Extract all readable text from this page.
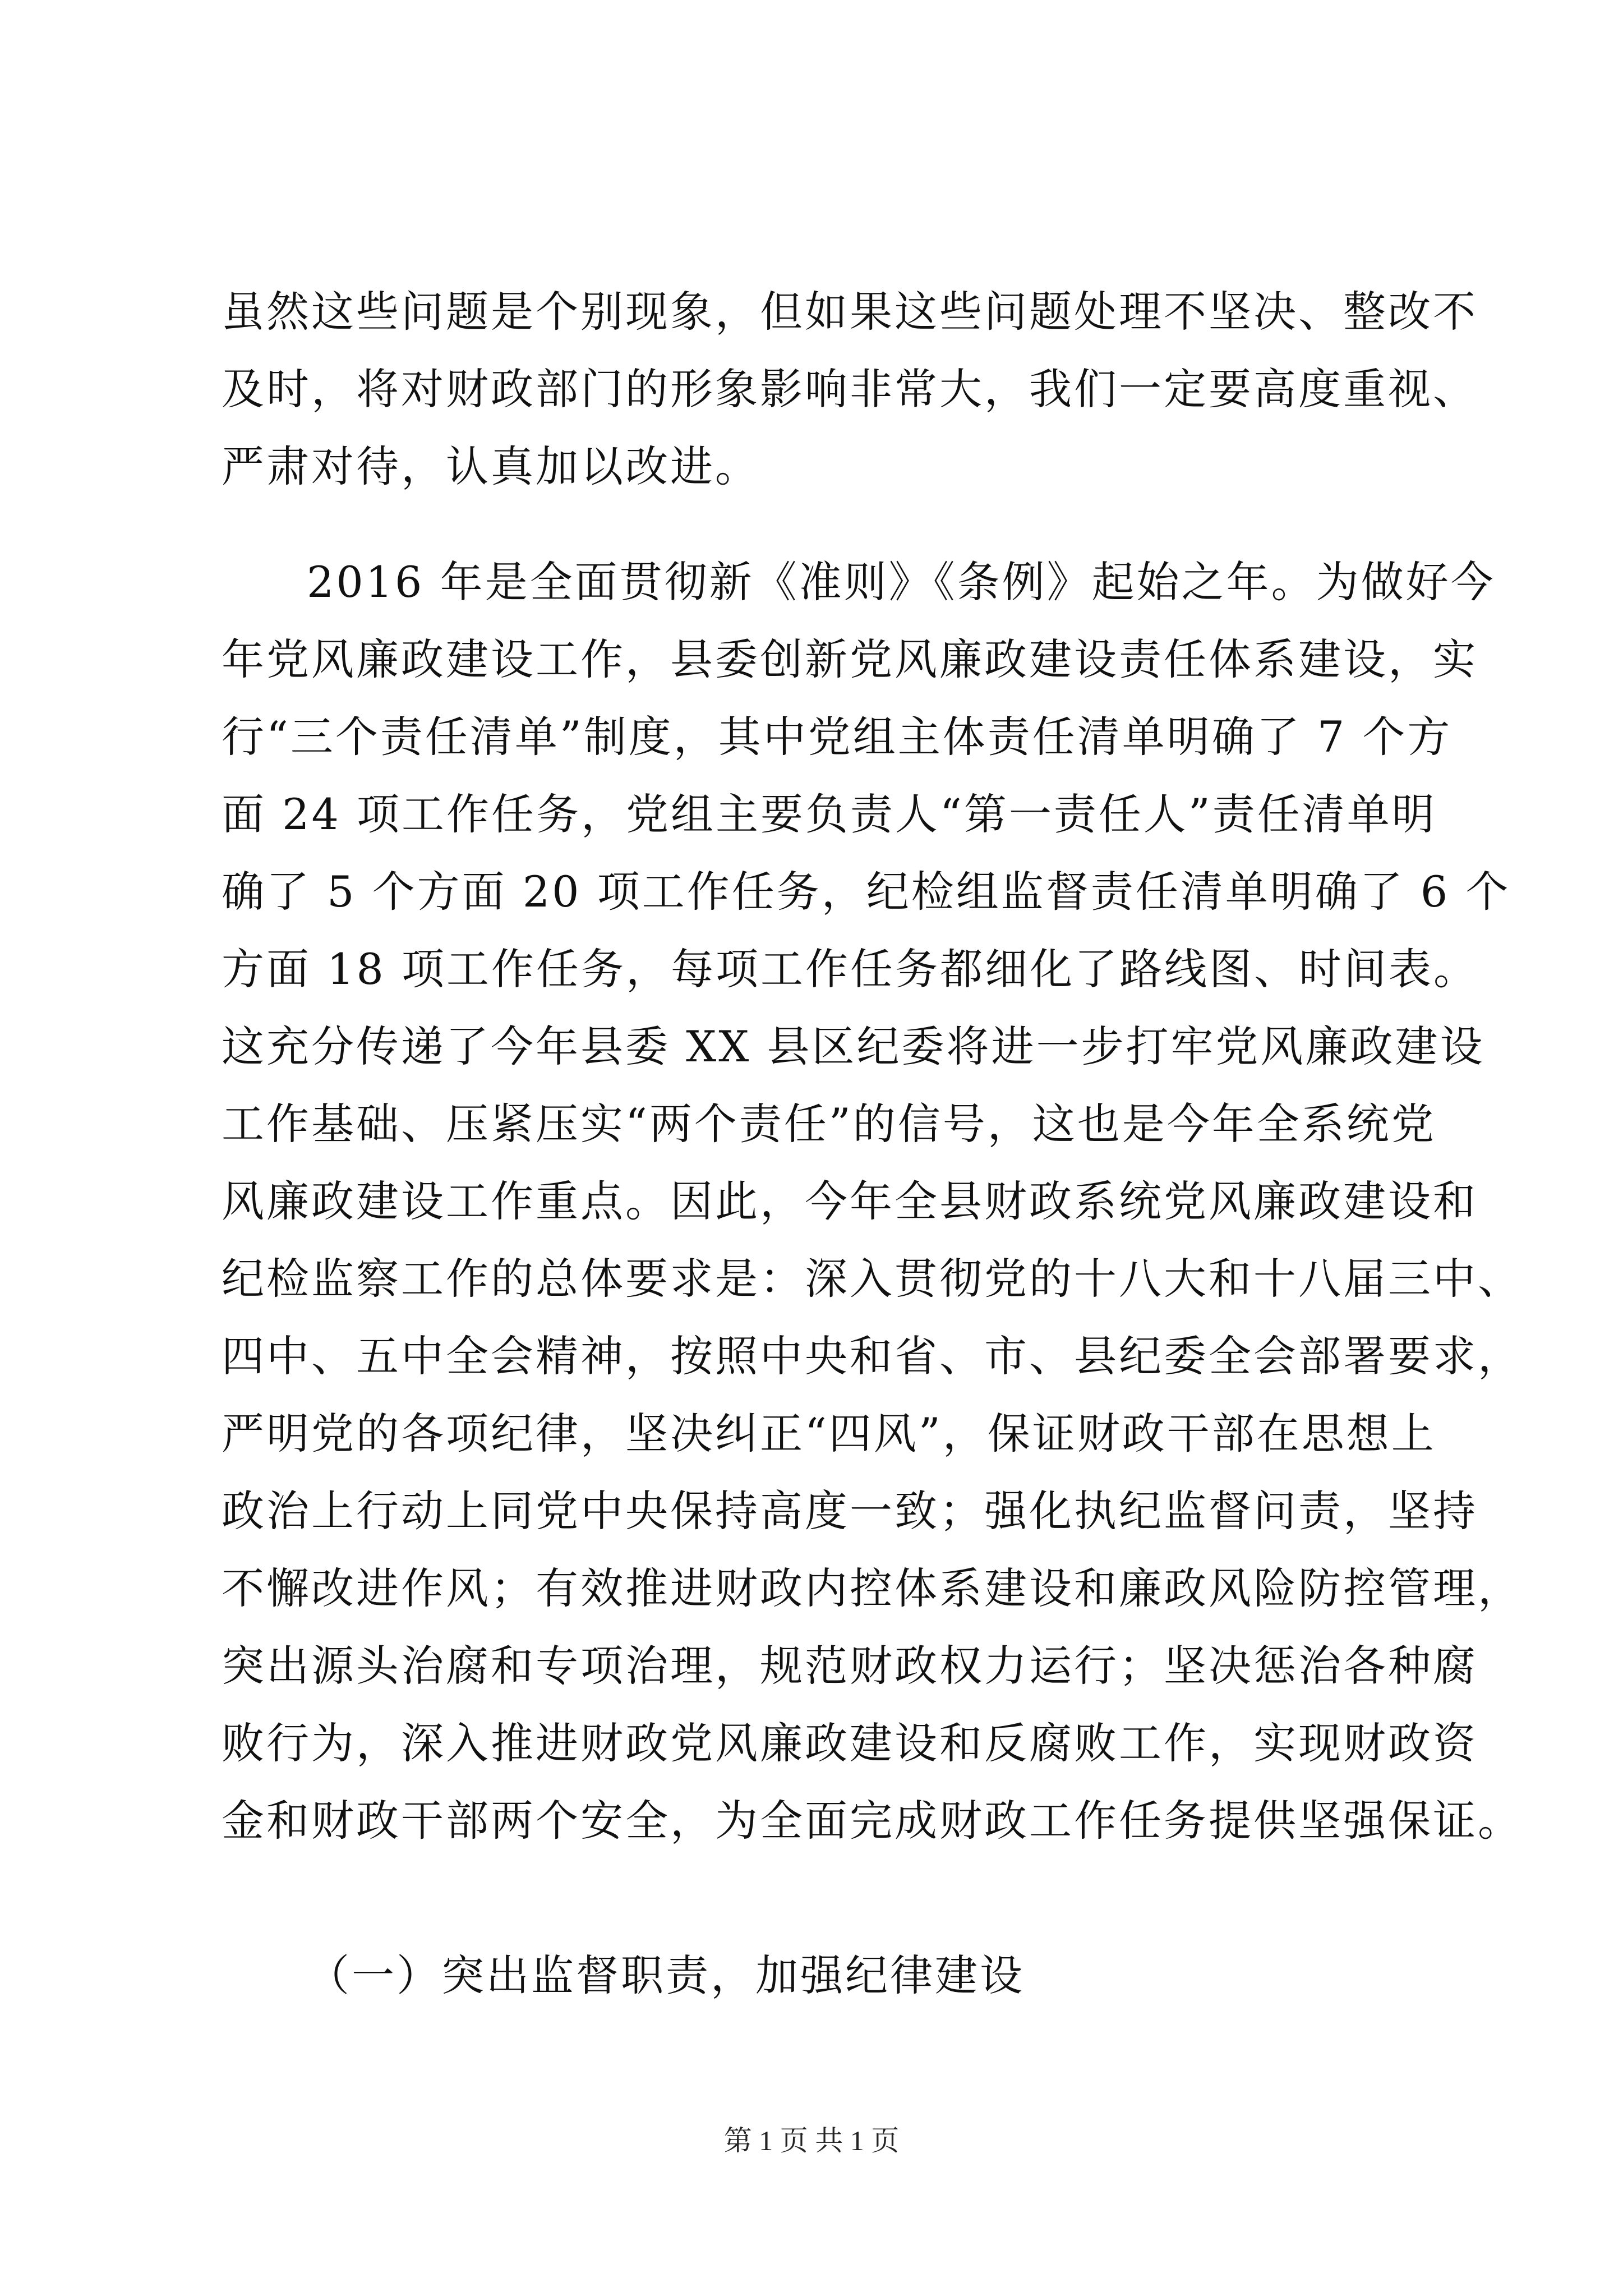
虽然这些问题是个别现象，但如果这些问题处理不坚决、整改不
及时，将对财政部门的形象影响非常大，我们一定要高度重视、
严肃对待，认真加以改进。
2016 年是全面贯彻新《准则》《条例》起始之年。为做好今
年党风廉政建设工作，县委创新党风廉政建设责任体系建设，实
行“三个责任清单”制度，其中党组主体责任清单明确了 7 个方
面 24 项工作任务，党组主要负责人“第一责任人”责任清单明
确了 5 个方面 20 项工作任务，纪检组监督责任清单明确了 6 个
方面 18 项工作任务，每项工作任务都细化了路线图、时间表。
这充分传递了今年县委 XX 县区纪委将进一步打牢党风廉政建设
工作基础、压紧压实“两个责任”的信号，这也是今年全系统党
风廉政建设工作重点。因此，今年全县财政系统党风廉政建设和
纪检监察工作的总体要求是：深入贯彻党的十八大和十八届三中、
四中、五中全会精神，按照中央和省、市、县纪委全会部署要求，
严明党的各项纪律，坚决纠正“四风”，保证财政干部在思想上
政治上行动上同党中央保持高度一致；强化执纪监督问责，坚持
不懈改进作风；有效推进财政内控体系建设和廉政风险防控管理，
突出源头治腐和专项治理，规范财政权力运行；坚决惩治各种腐
败行为，深入推进财政党风廉政建设和反腐败工作，实现财政资
金和财政干部两个安全，为全面完成财政工作任务提供坚强保证。
（一）突出监督职责，加强纪律建设
第 1 页 共 1 页
